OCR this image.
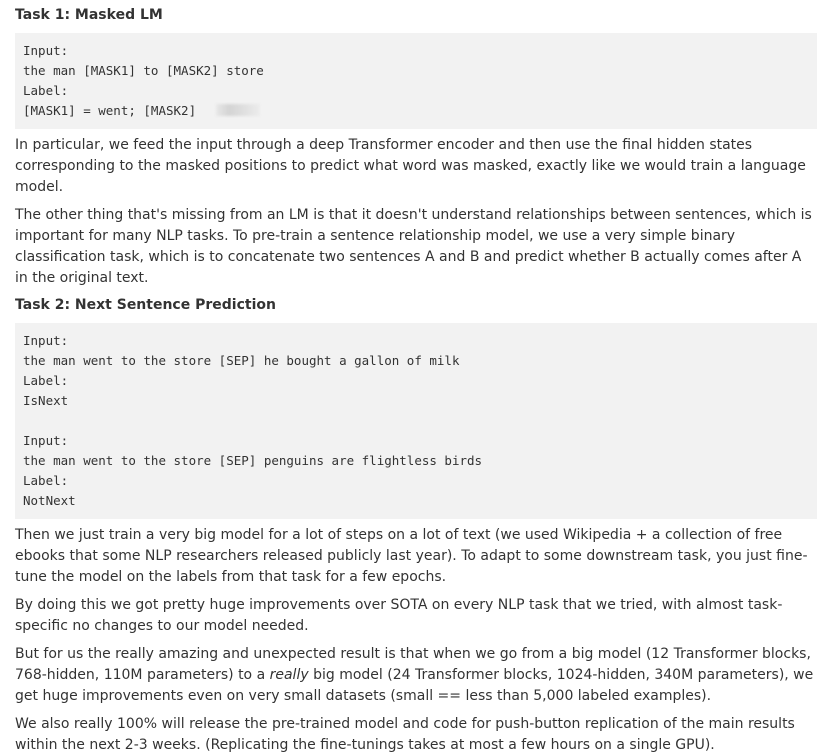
Task 1: Masked LM
Input:
the man [MASK1] to [MASK2] store
Label:
[MASK1] = went; [MASK2]

In particular, we feed the input through a deep Transformer encoder and then use the final hidden states corresponding to the masked positions to predict what word was masked, exactly like we would train a language model.

The other thing that's missing from an LM is that it doesn't understand relationships between sentences, which is important for many NLP tasks. To pre-train a sentence relationship model, we use a very simple binary classification task, which is to concatenate two sentences A and B and predict whether B actually comes after A in the original text.

Task 2: Next Sentence Prediction
Input:
the man went to the store [SEP] he bought a gallon of milk
Label:
IsNext

Input:
the man went to the store [SEP] penguins are flightless birds
Label:
NotNext

Then we just train a very big model for a lot of steps on a lot of text (we used Wikipedia + a collection of free ebooks that some NLP researchers released publicly last year). To adapt to some downstream task, you just fine-tune the model on the labels from that task for a few epochs.

By doing this we got pretty huge improvements over SOTA on every NLP task that we tried, with almost task-specific no changes to our model needed.

But for us the really amazing and unexpected result is that when we go from a big model (12 Transformer blocks, 768-hidden, 110M parameters) to a really big model (24 Transformer blocks, 1024-hidden, 340M parameters), we get huge improvements even on very small datasets (small == less than 5,000 labeled examples).

We also really 100% will release the pre-trained model and code for push-button replication of the main results within the next 2-3 weeks. (Replicating the fine-tunings takes at most a few hours on a single GPU).
